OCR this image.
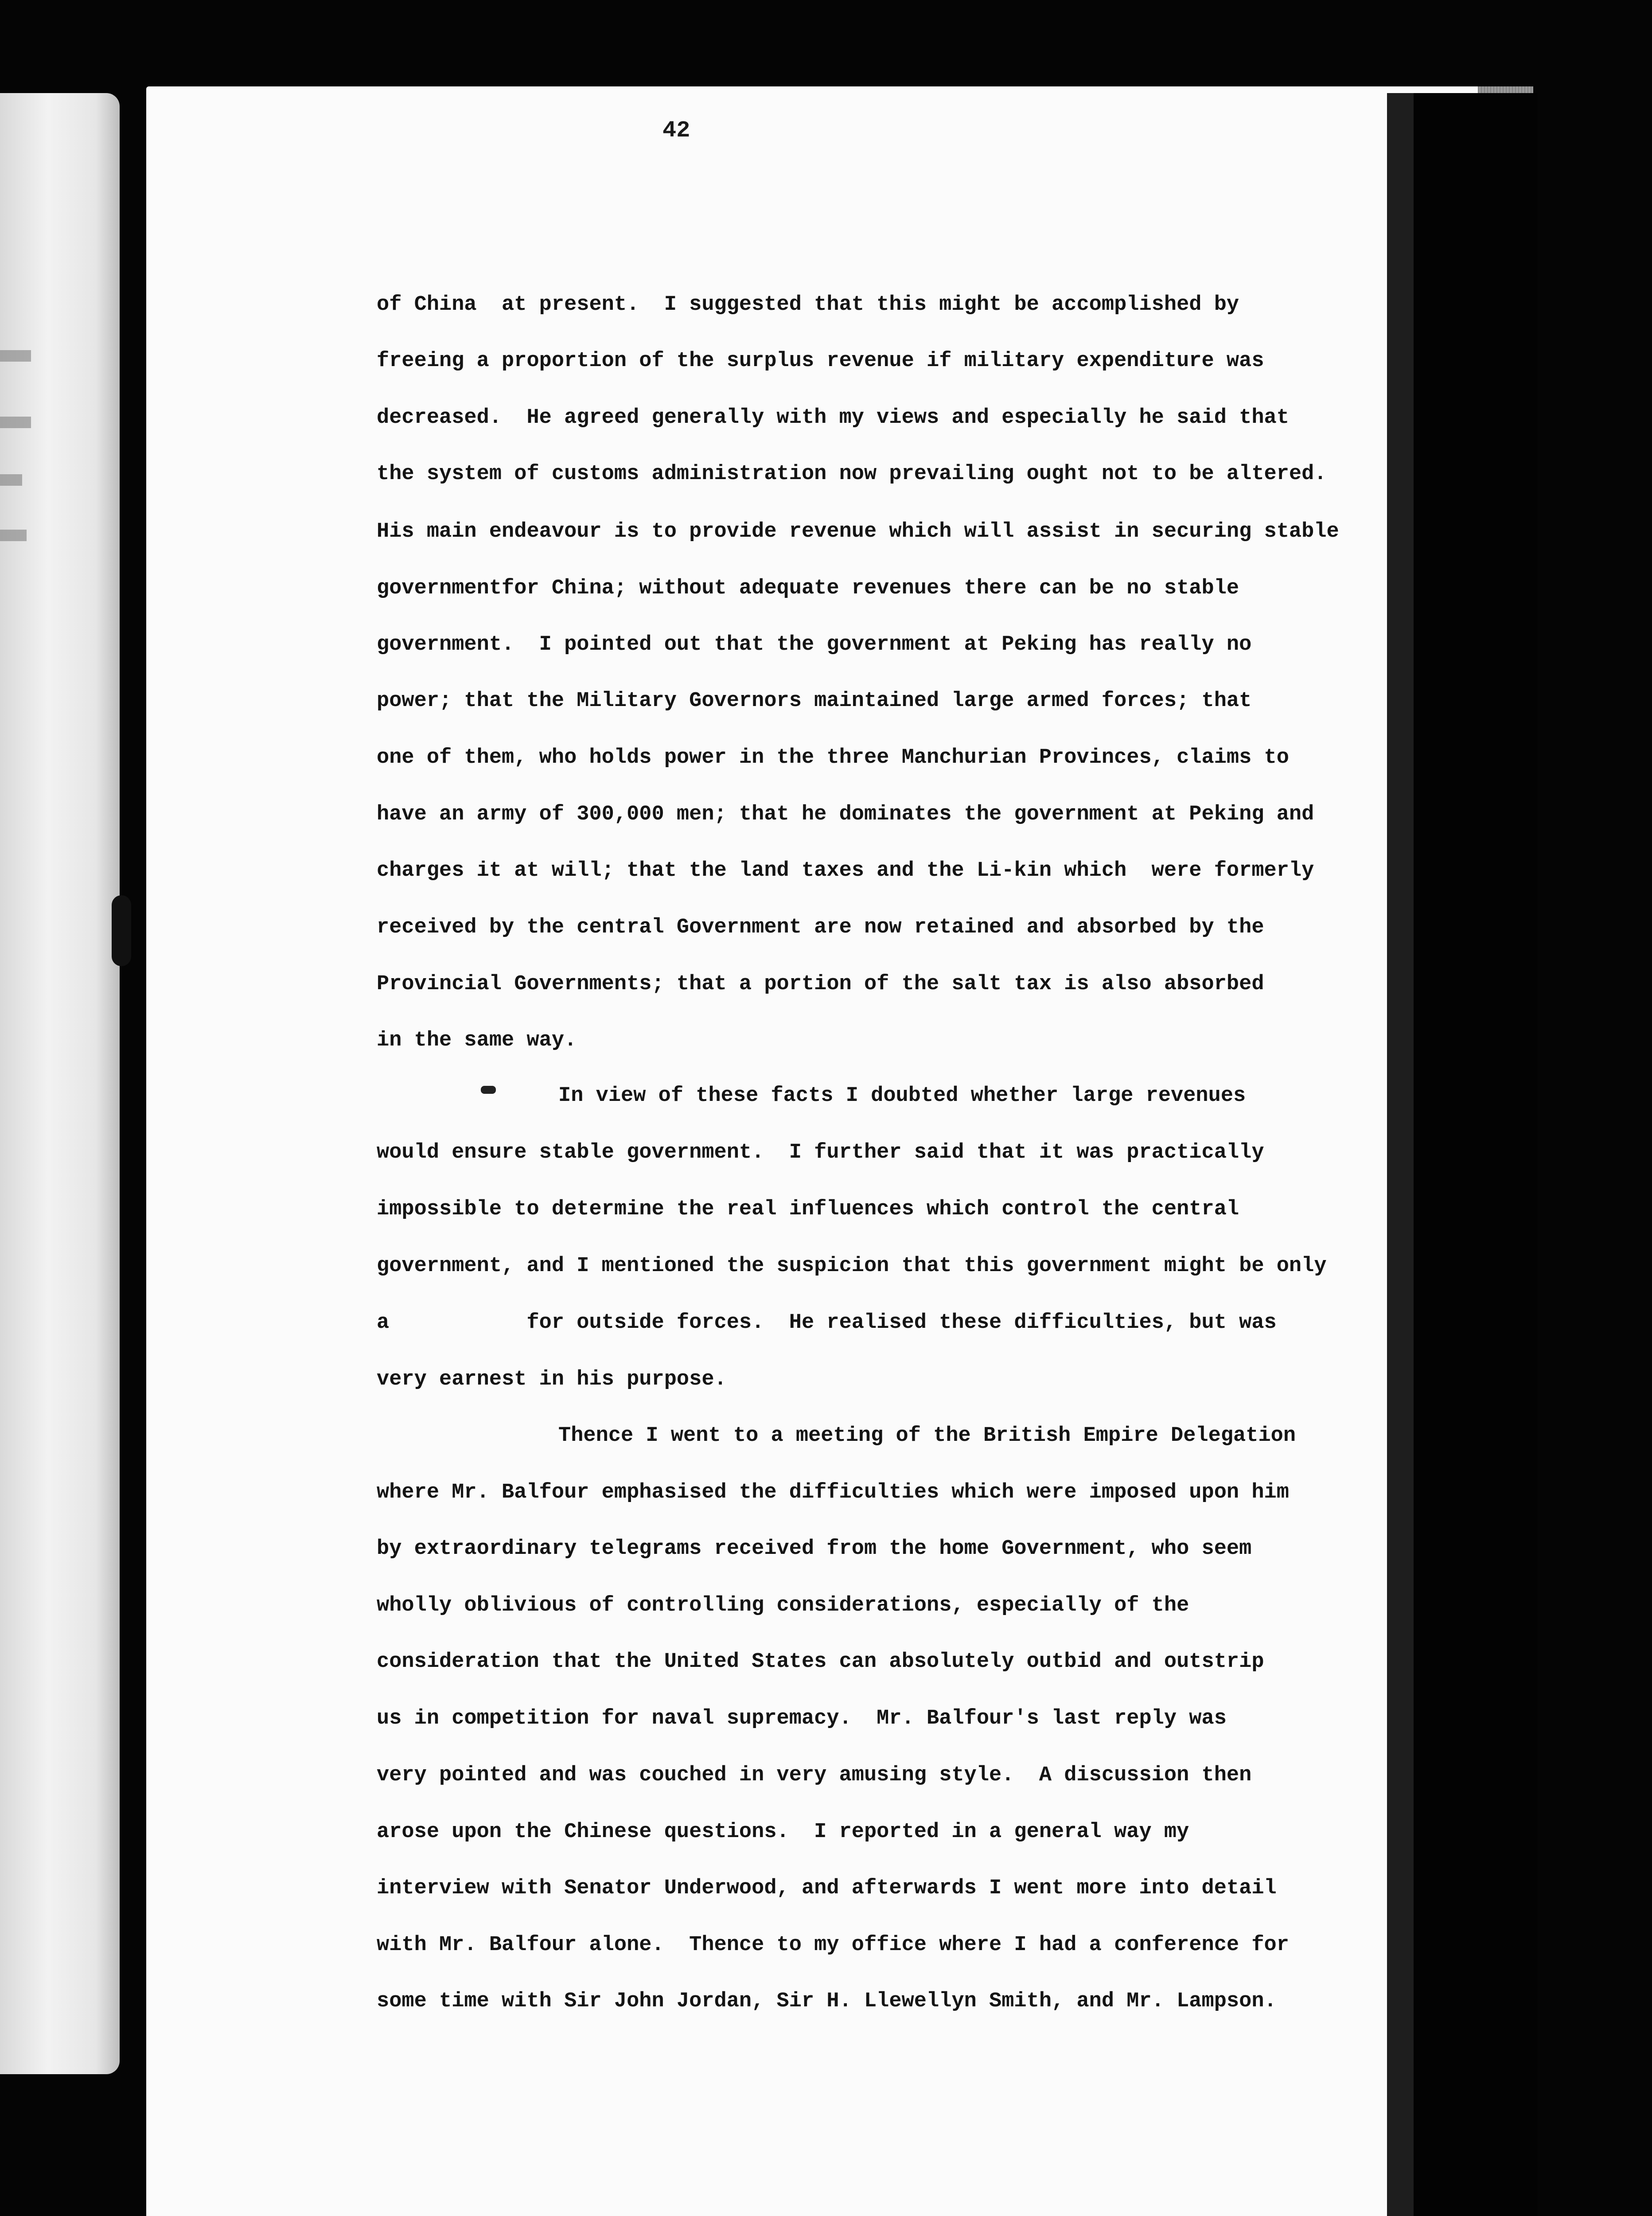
42
of China  at present.  I suggested that this might be accomplished by
freeing a proportion of the surplus revenue if military expenditure was
decreased.  He agreed generally with my views and especially he said that
the system of customs administration now prevailing ought not to be altered.
His main endeavour is to provide revenue which will assist in securing stable
governmentfor China; without adequate revenues there can be no stable
government.  I pointed out that the government at Peking has really no
power; that the Military Governors maintained large armed forces; that
one of them, who holds power in the three Manchurian Provinces, claims to
have an army of 300,000 men; that he dominates the government at Peking and
charges it at will; that the land taxes and the Li-kin which  were formerly
received by the central Government are now retained and absorbed by the
Provincial Governments; that a portion of the salt tax is also absorbed
in the same way.
In view of these facts I doubted whether large revenues
would ensure stable government.  I further said that it was practically
impossible to determine the real influences which control the central
government, and I mentioned the suspicion that this government might be only
a           for outside forces.  He realised these difficulties, but was
very earnest in his purpose.
Thence I went to a meeting of the British Empire Delegation
where Mr. Balfour emphasised the difficulties which were imposed upon him
by extraordinary telegrams received from the home Government, who seem
wholly oblivious of controlling considerations, especially of the
consideration that the United States can absolutely outbid and outstrip
us in competition for naval supremacy.  Mr. Balfour's last reply was
very pointed and was couched in very amusing style.  A discussion then
arose upon the Chinese questions.  I reported in a general way my
interview with Senator Underwood, and afterwards I went more into detail
with Mr. Balfour alone.  Thence to my office where I had a conference for
some time with Sir John Jordan, Sir H. Llewellyn Smith, and Mr. Lampson.
